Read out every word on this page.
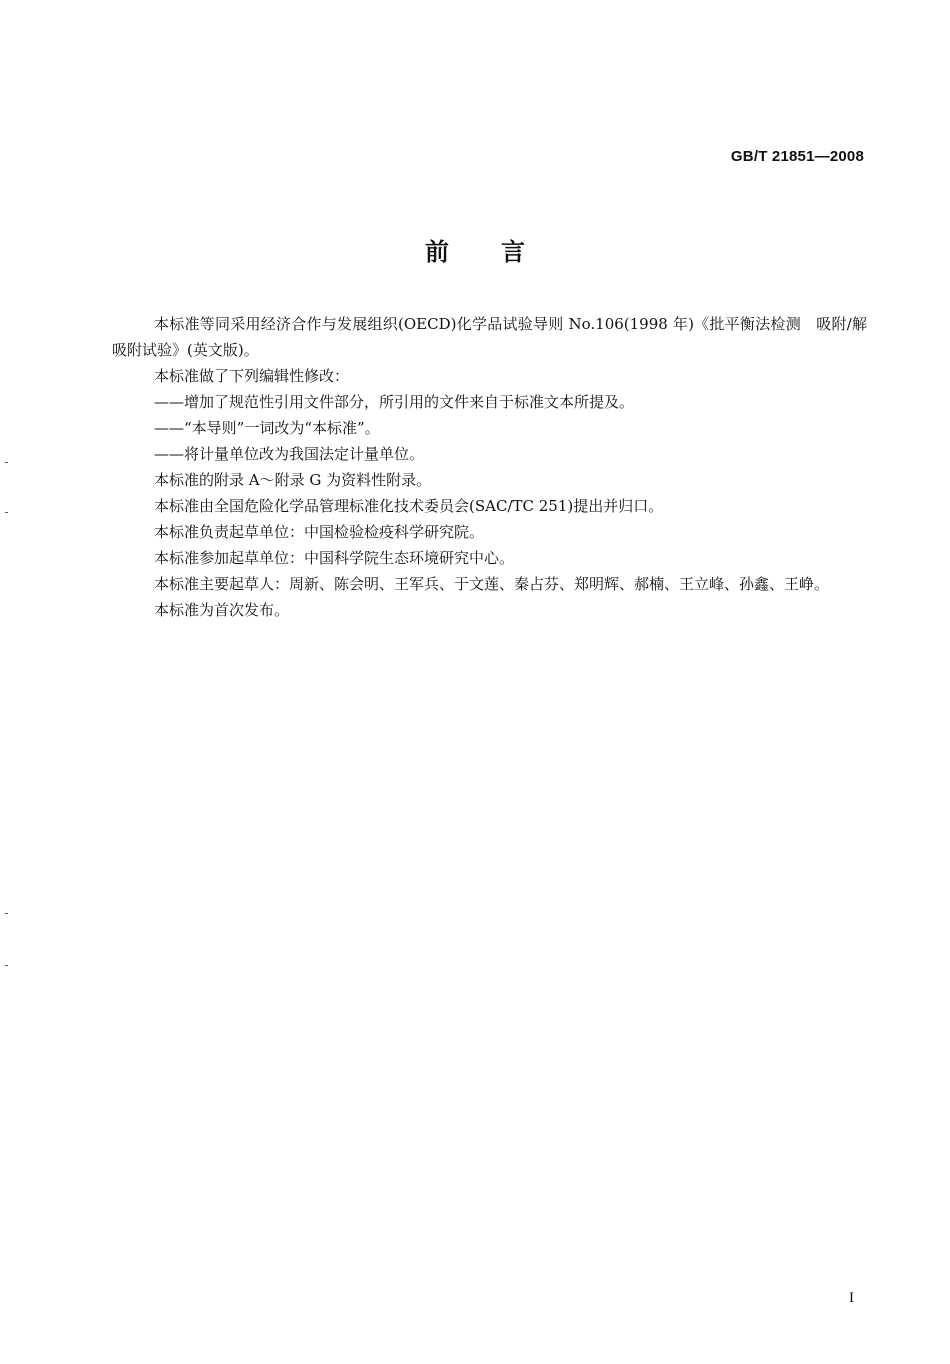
GB/T 21851—2008
前 言

本标准等同采用经济合作与发展组织(OECD)化学品试验导则 No.106(1998 年)《批平衡法检测　吸附/解吸附试验》(英文版)。

本标准做了下列编辑性修改：

——增加了规范性引用文件部分，所引用的文件来自于标准文本所提及。

——“本导则”一词改为“本标准”。

——将计量单位改为我国法定计量单位。

本标准的附录 A～附录 G 为资料性附录。

本标准由全国危险化学品管理标准化技术委员会(SAC/TC 251)提出并归口。

本标准负责起草单位：中国检验检疫科学研究院。

本标准参加起草单位：中国科学院生态环境研究中心。

本标准主要起草人：周新、陈会明、王军兵、于文莲、秦占芬、郑明辉、郝楠、王立峰、孙鑫、王峥。

本标准为首次发布。

I
